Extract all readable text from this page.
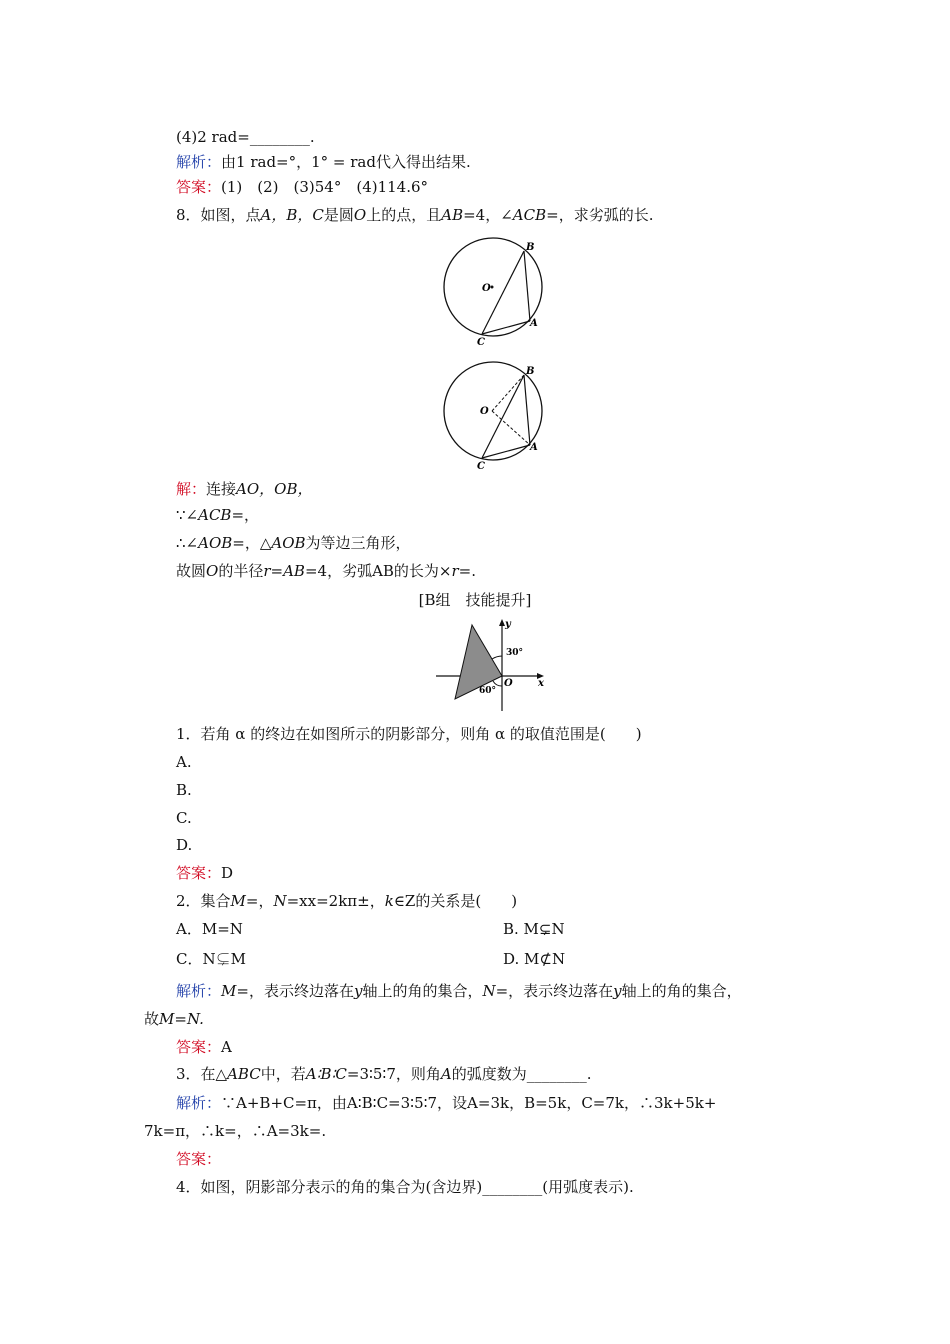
(4)2 rad=________.
解析：由1 rad=°，1° = rad代入得出结果.
答案：(1)　(2)　(3)54°　(4)114.6°
8．如图，点A，B，C是圆O上的点，且AB=4，∠ACB=，求劣弧的长.
B
O
A
C
B
O
A
C
解：连接AO，OB，
∵∠ACB=，
∴∠AOB=，△AOB为等边三角形，
故圆O的半径r=AB=4，劣弧AB的长为×r=.
[B组　技能提升]
y
x
O
30°
60°
1．若角 α 的终边在如图所示的阴影部分，则角 α 的取值范围是(　　)
A.
B.
C.
D.
答案：D
2．集合M=，N=xx=2kπ±，k∈Z的关系是(　　)
A．M=N	B. M⊊N
C．N⊊M	D. M⊄N
解析：M=，表示终边落在y轴上的角的集合，N=，表示终边落在y轴上的角的集合，
故M=N.
答案：A
3．在△ABC中，若A∶B∶C=3∶5∶7，则角A的弧度数为________.
解析：∵A+B+C=π，由A∶B∶C=3∶5∶7，设A=3k，B=5k，C=7k，∴3k+5k+
7k=π，∴k=，∴A=3k=.
答案：
4．如图，阴影部分表示的角的集合为(含边界)________(用弧度表示).
